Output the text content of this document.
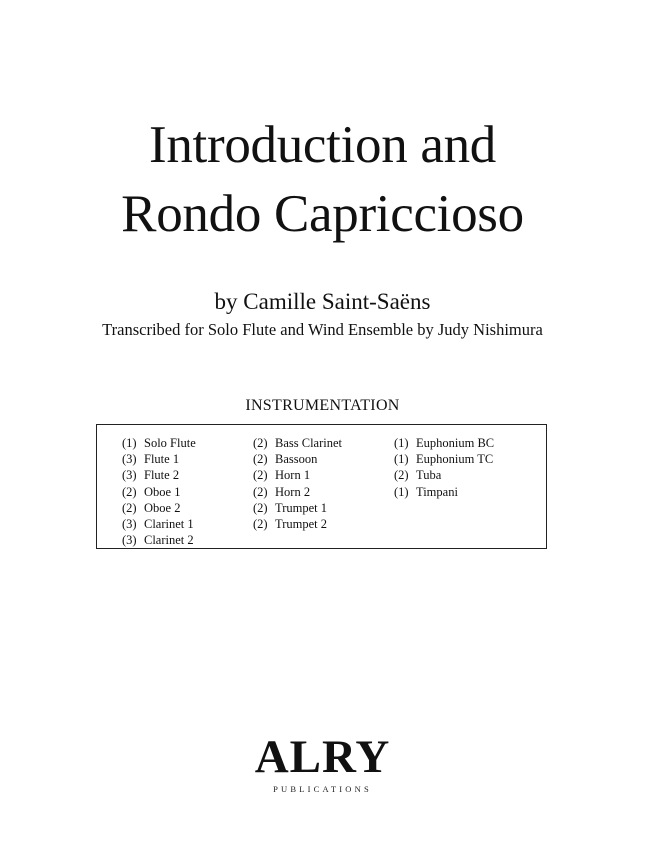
Introduction and
Rondo Capriccioso
by Camille Saint-Saëns
Transcribed for Solo Flute and Wind Ensemble by Judy Nishimura
INSTRUMENTATION
(1) Solo Flute
(3) Flute 1
(3) Flute 2
(2) Oboe 1
(2) Oboe 2
(3) Clarinet 1
(3) Clarinet 2
(2) Bass Clarinet
(2) Bassoon
(2) Horn 1
(2) Horn 2
(2) Trumpet 1
(2) Trumpet 2
(1) Euphonium BC
(1) Euphonium TC
(2) Tuba
(1) Timpani
ALRY
PUBLICATIONS
